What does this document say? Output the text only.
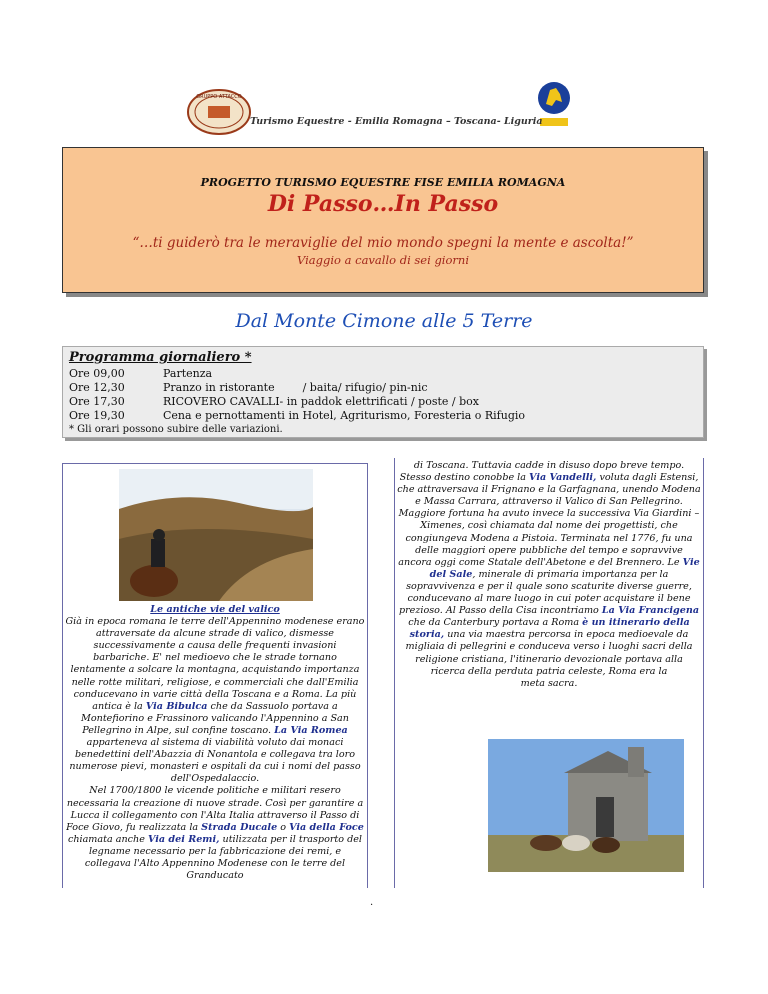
GRUPPO ATTACCO
Turismo Equestre - Emilia Romagna – Toscana- Liguria
PROGETTO TURISMO EQUESTRE FISE EMILIA ROMAGNA
Di Passo…In Passo
“…ti guiderò tra le meraviglie del mio mondo spegni la mente e ascolta!”
Viaggio a cavallo di sei giorni
Dal Monte Cimone alle 5 Terre
Programma giornaliero *
Ore 09,00	Partenza
Ore 12,30	Pranzo in ristorante        / baita/ rifugio/ pin-nic
Ore 17,30	RICOVERO CAVALLI- in paddok elettrificati / poste / box
Ore 19,30	Cena e pernottamenti in Hotel, Agriturismo, Foresteria o Rifugio
* Gli orari possono subire delle variazioni.
Le antiche vie del valico
Già in epoca romana le terre dell'Appennino modenese erano attraversate da alcune strade di valico, dismesse successivamente a causa delle frequenti invasioni barbariche. E' nel medioevo che le strade tornano lentamente a solcare la montagna, acquistando importanza nelle rotte militari, religiose, e commerciali che dall'Emilia conducevano in varie città della Toscana e a Roma. La più antica è la Via Bibulca che da Sassuolo portava a Montefiorino e Frassinoro valicando l'Appennino a San Pellegrino in Alpe, sul confine toscano. La Via Romea apparteneva al sistema di viabilità voluto dai monaci benedettini dell'Abazzia di Nonantola e collegava tra loro numerose pievi, monasteri e ospitali da cui i nomi del passo dell'Ospedalaccio.
Nel 1700/1800 le vicende politiche e militari resero necessaria la creazione di nuove strade. Così per garantire a Lucca il collegamento con l'Alta Italia attraverso il Passo di Foce Giovo, fu realizzata la Strada Ducale o Via della Foce chiamata anche Via dei Remi, utilizzata per il trasporto del legname necessario per la fabbricazione dei remi, e collegava l'Alto Appennino Modenese con le terre del Granducato
di Toscana. Tuttavia cadde in disuso dopo breve tempo. Stesso destino conobbe la Via Vandelli, voluta dagli Estensi, che attraversava il Frignano e la Garfagnana, unendo Modena e Massa Carrara, attraverso il Valico di San Pellegrino. Maggiore fortuna ha avuto invece la successiva Via Giardini – Ximenes, così chiamata dal nome dei progettisti, che congiungeva Modena a Pistoia. Terminata nel 1776, fu una delle maggiori opere pubbliche del tempo e sopravvive ancora oggi come Statale dell'Abetone e del Brennero. Le Vie del Sale, minerale di primaria importanza per la sopravvivenza e per il quale sono scaturite diverse guerre, conducevano al mare luogo in cui poter acquistare il bene prezioso. Al Passo della Cisa incontriamo La Via Francigena che da Canterbury portava a Roma è un itinerario della storia, una via maestra percorsa in epoca medioevale da migliaia di pellegrini e conduceva verso i luoghi sacri della religione cristiana, l'itinerario devozionale portava alla ricerca della perduta patria celeste, Roma era la
meta sacra.
.
